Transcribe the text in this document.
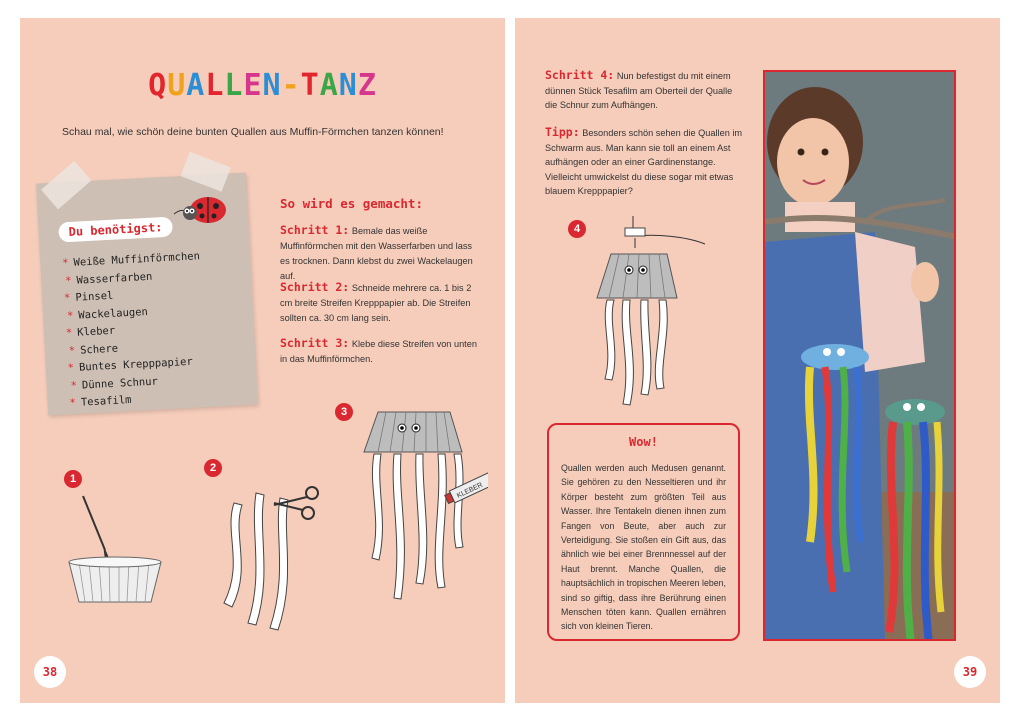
QUALLEN-TANZ
Schau mal, wie schön deine bunten Quallen aus Muffin-Förmchen tanzen können!
Du benötigst:
* Weiße Muffinförmchen
* Wasserfarben
* Pinsel
* Wackelaugen
* Kleber
* Schere
* Buntes Krepppapier
* Dünne Schnur
* Tesafilm
So wird es gemacht:
Schritt 1: Bemale das weiße Muffinförmchen mit den Wasserfarben und lass es trocknen. Dann klebst du zwei Wackelaugen auf.
Schritt 2: Schneide mehrere ca. 1 bis 2 cm breite Streifen Krepppapier ab. Die Streifen sollten ca. 30 cm lang sein.
Schritt 3: Klebe diese Streifen von unten in das Muffinförmchen.
1
2
3
KLEBER
38
Schritt 4: Nun befestigst du mit einem dünnen Stück Tesafilm am Oberteil der Qualle die Schnur zum Aufhängen.
Tipp: Besonders schön sehen die Quallen im Schwarm aus. Man kann sie toll an einem Ast aufhängen oder an einer Gardinenstange. Vielleicht umwickelst du diese sogar mit etwas blauem Krepppapier?
4
Wow!
Quallen werden auch Medusen genannt. Sie gehören zu den Nesseltieren und ihr Körper besteht zum größten Teil aus Wasser. Ihre Tentakeln dienen ihnen zum Fangen von Beute, aber auch zur Verteidigung. Sie stoßen ein Gift aus, das ähnlich wie bei einer Brennnessel auf der Haut brennt. Manche Quallen, die hauptsächlich in tropischen Meeren leben, sind so giftig, dass ihre Berührung einen Menschen töten kann. Quallen ernähren sich von kleinen Tieren.
39
